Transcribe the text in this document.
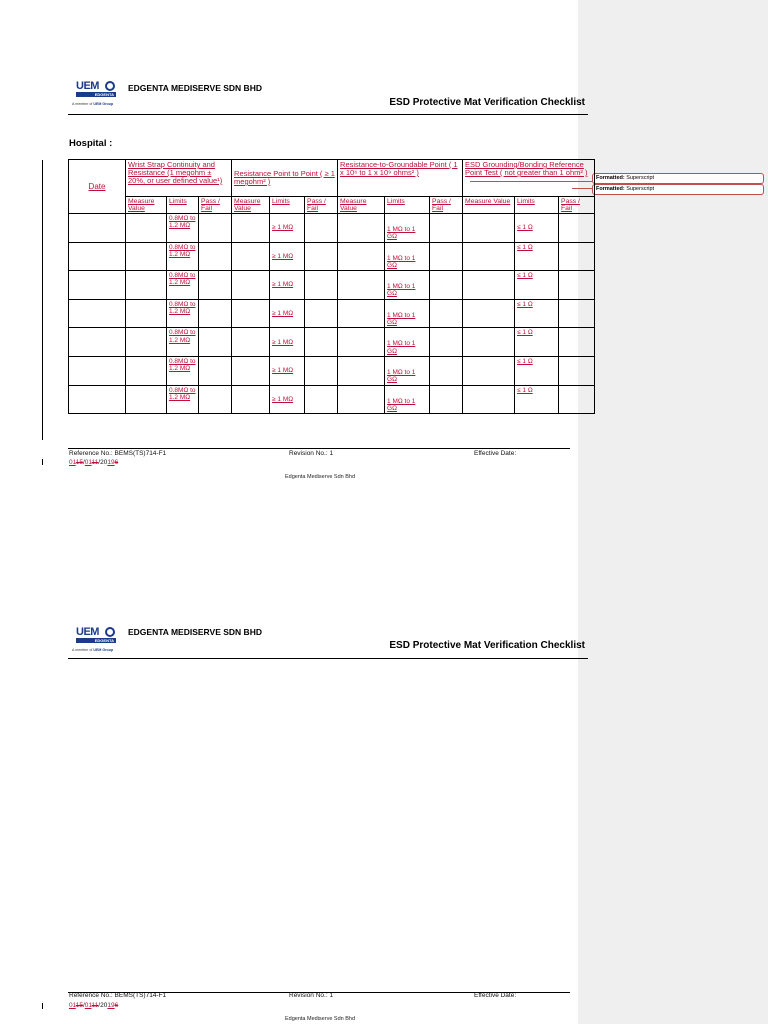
Formatted: Superscript
Formatted: Superscript
UEM
EDGENTA
A member of UEM Group
EDGENTA MEDISERVE SDN BHD
ESD Protective Mat Verification Checklist
Hospital :
Date	Wrist Strap Continuity and Resistance (1 megohm ± 20%, or user defined value¹)			Resistance Point to Point ( ≥ 1 megohm² )			Resistance-to-Groundable Point ( 1 x 10⁶ to 1 x 10⁹ ohms² )			ESD Grounding/Bonding Reference Point Test ( not greater than 1 ohm² )		
	Measure Value	Limits	Pass / Fail	Measure Value	Limits	Pass / Fail	Measure Value	Limits	Pass / Fail	Measure Value	Limits	Pass / Fail
		0.8MΩ to 1.2 MΩ			≥ 1 MΩ			1 MΩ to 1 GΩ			≤ 1 Ω	
		0.8MΩ to 1.2 MΩ			≥ 1 MΩ			1 MΩ to 1 GΩ			≤ 1 Ω	
		0.8MΩ to 1.2 MΩ			≥ 1 MΩ			1 MΩ to 1 GΩ			≤ 1 Ω	
		0.8MΩ to 1.2 MΩ			≥ 1 MΩ			1 MΩ to 1 GΩ			≤ 1 Ω	
		0.8MΩ to 1.2 MΩ			≥ 1 MΩ			1 MΩ to 1 GΩ			≤ 1 Ω	
		0.8MΩ to 1.2 MΩ			≥ 1 MΩ			1 MΩ to 1 GΩ			≤ 1 Ω	
		0.8MΩ to 1.2 MΩ			≥ 1 MΩ			1 MΩ to 1 GΩ			≤ 1 Ω	
Reference No.: BEMS(TS)714-F1	Revision No.: 1	Effective Date:
0115/0111/20196
Edgenta Mediserve Sdn Bhd
UEM
EDGENTA
A member of UEM Group
EDGENTA MEDISERVE SDN BHD
ESD Protective Mat Verification Checklist
Reference No.: BEMS(TS)714-F1	Revision No.: 1	Effective Date:
0115/0111/20196
Edgenta Mediserve Sdn Bhd
